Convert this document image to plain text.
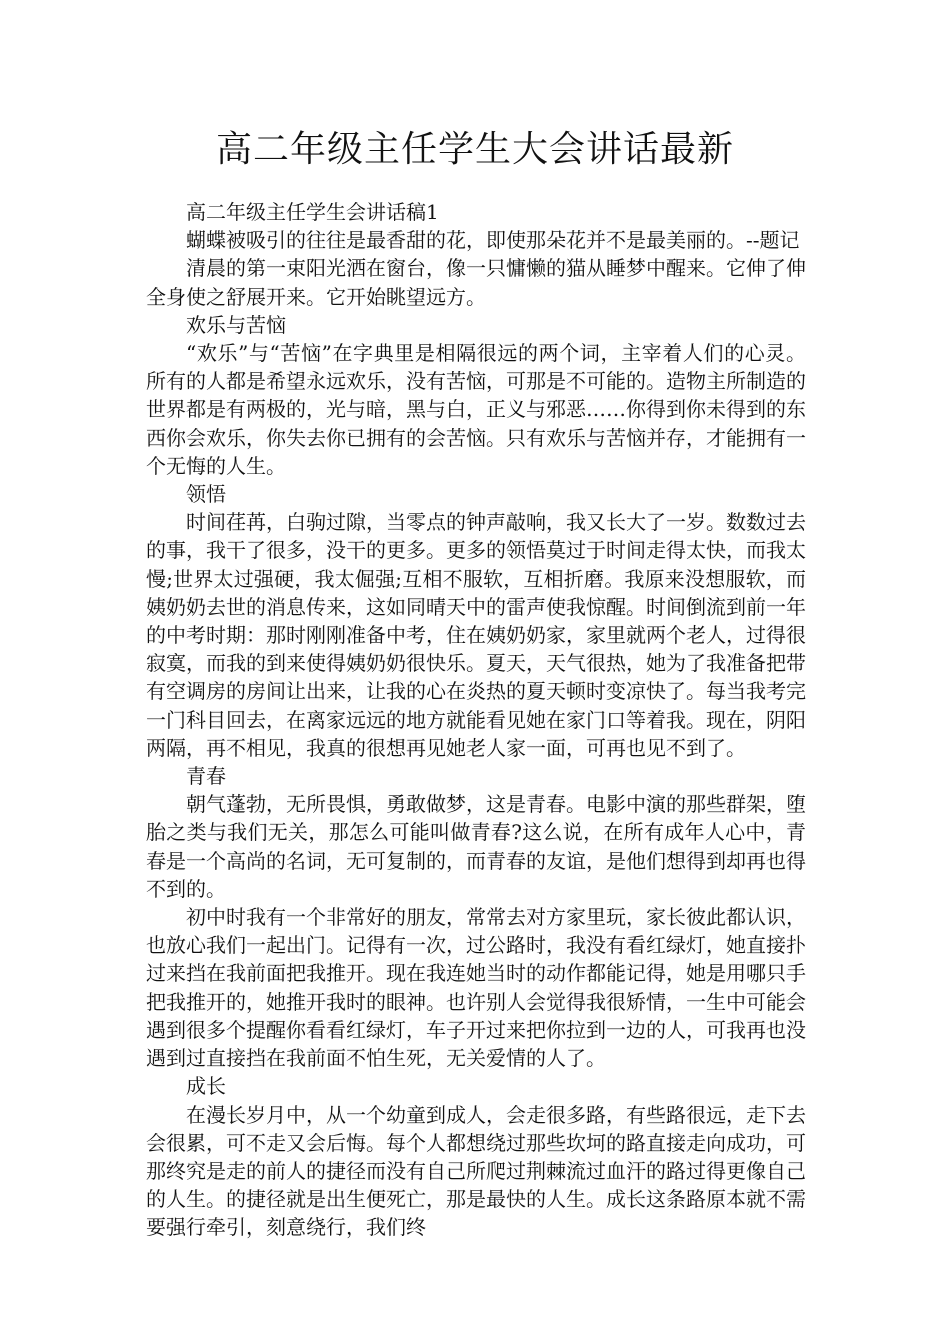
高二年级主任学生大会讲话最新

高二年级主任学生会讲话稿1

蝴蝶被吸引的往往是最香甜的花，即使那朵花并不是最美丽的。--题记

清晨的第一束阳光洒在窗台，像一只慵懒的猫从睡梦中醒来。它伸了伸全身使之舒展开来。它开始眺望远方。

欢乐与苦恼

“欢乐”与“苦恼”在字典里是相隔很远的两个词，主宰着人们的心灵。所有的人都是希望永远欢乐，没有苦恼，可那是不可能的。造物主所制造的世界都是有两极的，光与暗，黑与白，正义与邪恶……你得到你未得到的东西你会欢乐，你失去你已拥有的会苦恼。只有欢乐与苦恼并存，才能拥有一个无悔的人生。

领悟

时间荏苒，白驹过隙，当零点的钟声敲响，我又长大了一岁。数数过去的事，我干了很多，没干的更多。更多的领悟莫过于时间走得太快，而我太慢;世界太过强硬，我太倔强;互相不服软，互相折磨。我原来没想服软，而姨奶奶去世的消息传来，这如同晴天中的雷声使我惊醒。时间倒流到前一年的中考时期：那时刚刚准备中考，住在姨奶奶家，家里就两个老人，过得很寂寞，而我的到来使得姨奶奶很快乐。夏天，天气很热，她为了我准备把带有空调房的房间让出来，让我的心在炎热的夏天顿时变凉快了。每当我考完一门科目回去，在离家远远的地方就能看见她在家门口等着我。现在，阴阳两隔，再不相见，我真的很想再见她老人家一面，可再也见不到了。

青春

朝气蓬勃，无所畏惧，勇敢做梦，这是青春。电影中演的那些群架，堕胎之类与我们无关，那怎么可能叫做青春?这么说，在所有成年人心中，青春是一个高尚的名词，无可复制的，而青春的友谊，是他们想得到却再也得不到的。

初中时我有一个非常好的朋友，常常去对方家里玩，家长彼此都认识，也放心我们一起出门。记得有一次，过公路时，我没有看红绿灯，她直接扑过来挡在我前面把我推开。现在我连她当时的动作都能记得，她是用哪只手把我推开的，她推开我时的眼神。也许别人会觉得我很矫情，一生中可能会遇到很多个提醒你看看红绿灯，车子开过来把你拉到一边的人，可我再也没遇到过直接挡在我前面不怕生死，无关爱情的人了。

成长

在漫长岁月中，从一个幼童到成人，会走很多路，有些路很远，走下去会很累，可不走又会后悔。每个人都想绕过那些坎坷的路直接走向成功，可那终究是走的前人的捷径而没有自己所爬过荆棘流过血汗的路过得更像自己的人生。的捷径就是出生便死亡，那是最快的人生。成长这条路原本就不需要强行牵引，刻意绕行，我们终
